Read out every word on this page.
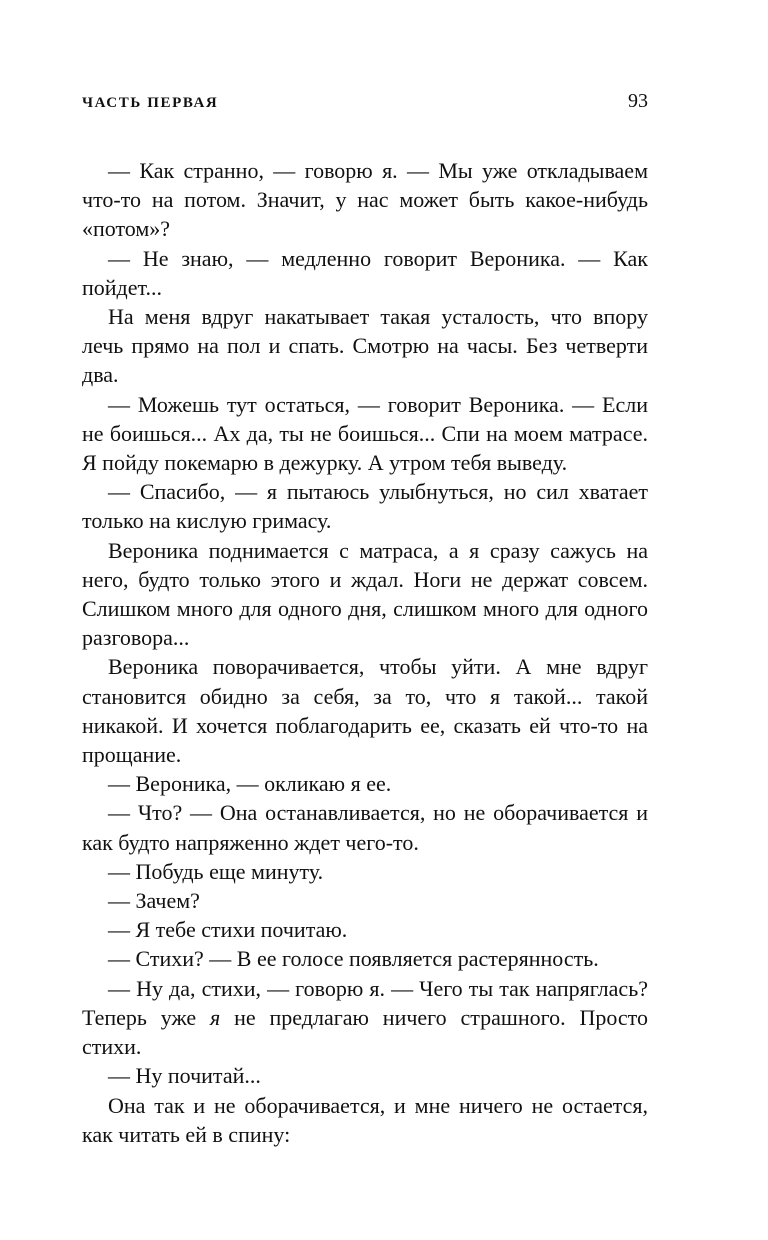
ЧАСТЬ ПЕРВАЯ	93

— Как странно, — говорю я. — Мы уже откладываем что-то на потом. Значит, у нас может быть какое-нибудь «потом»?

— Не знаю, — медленно говорит Вероника. — Как пойдет...

На меня вдруг накатывает такая усталость, что впору лечь прямо на пол и спать. Смотрю на часы. Без четверти два.

— Можешь тут остаться, — говорит Вероника. — Если не боишься... Ах да, ты не боишься... Спи на моем матрасе. Я пойду покемарю в дежурку. А утром тебя выведу.

— Спасибо, — я пытаюсь улыбнуться, но сил хватает только на кислую гримасу.

Вероника поднимается с матраса, а я сразу сажусь на него, будто только этого и ждал. Ноги не держат совсем. Слишком много для одного дня, слишком много для одного разговора...

Вероника поворачивается, чтобы уйти. А мне вдруг становится обидно за себя, за то, что я такой... такой никакой. И хочется поблагодарить ее, сказать ей что-то на прощание.

— Вероника, — окликаю я ее.

— Что? — Она останавливается, но не оборачивается и как будто напряженно ждет чего-то.

— Побудь еще минуту.

— Зачем?

— Я тебе стихи почитаю.

— Стихи? — В ее голосе появляется растерянность.

— Ну да, стихи, — говорю я. — Чего ты так напряглась? Теперь уже я не предлагаю ничего страшного. Просто стихи.

— Ну почитай...

Она так и не оборачивается, и мне ничего не остается, как читать ей в спину:
